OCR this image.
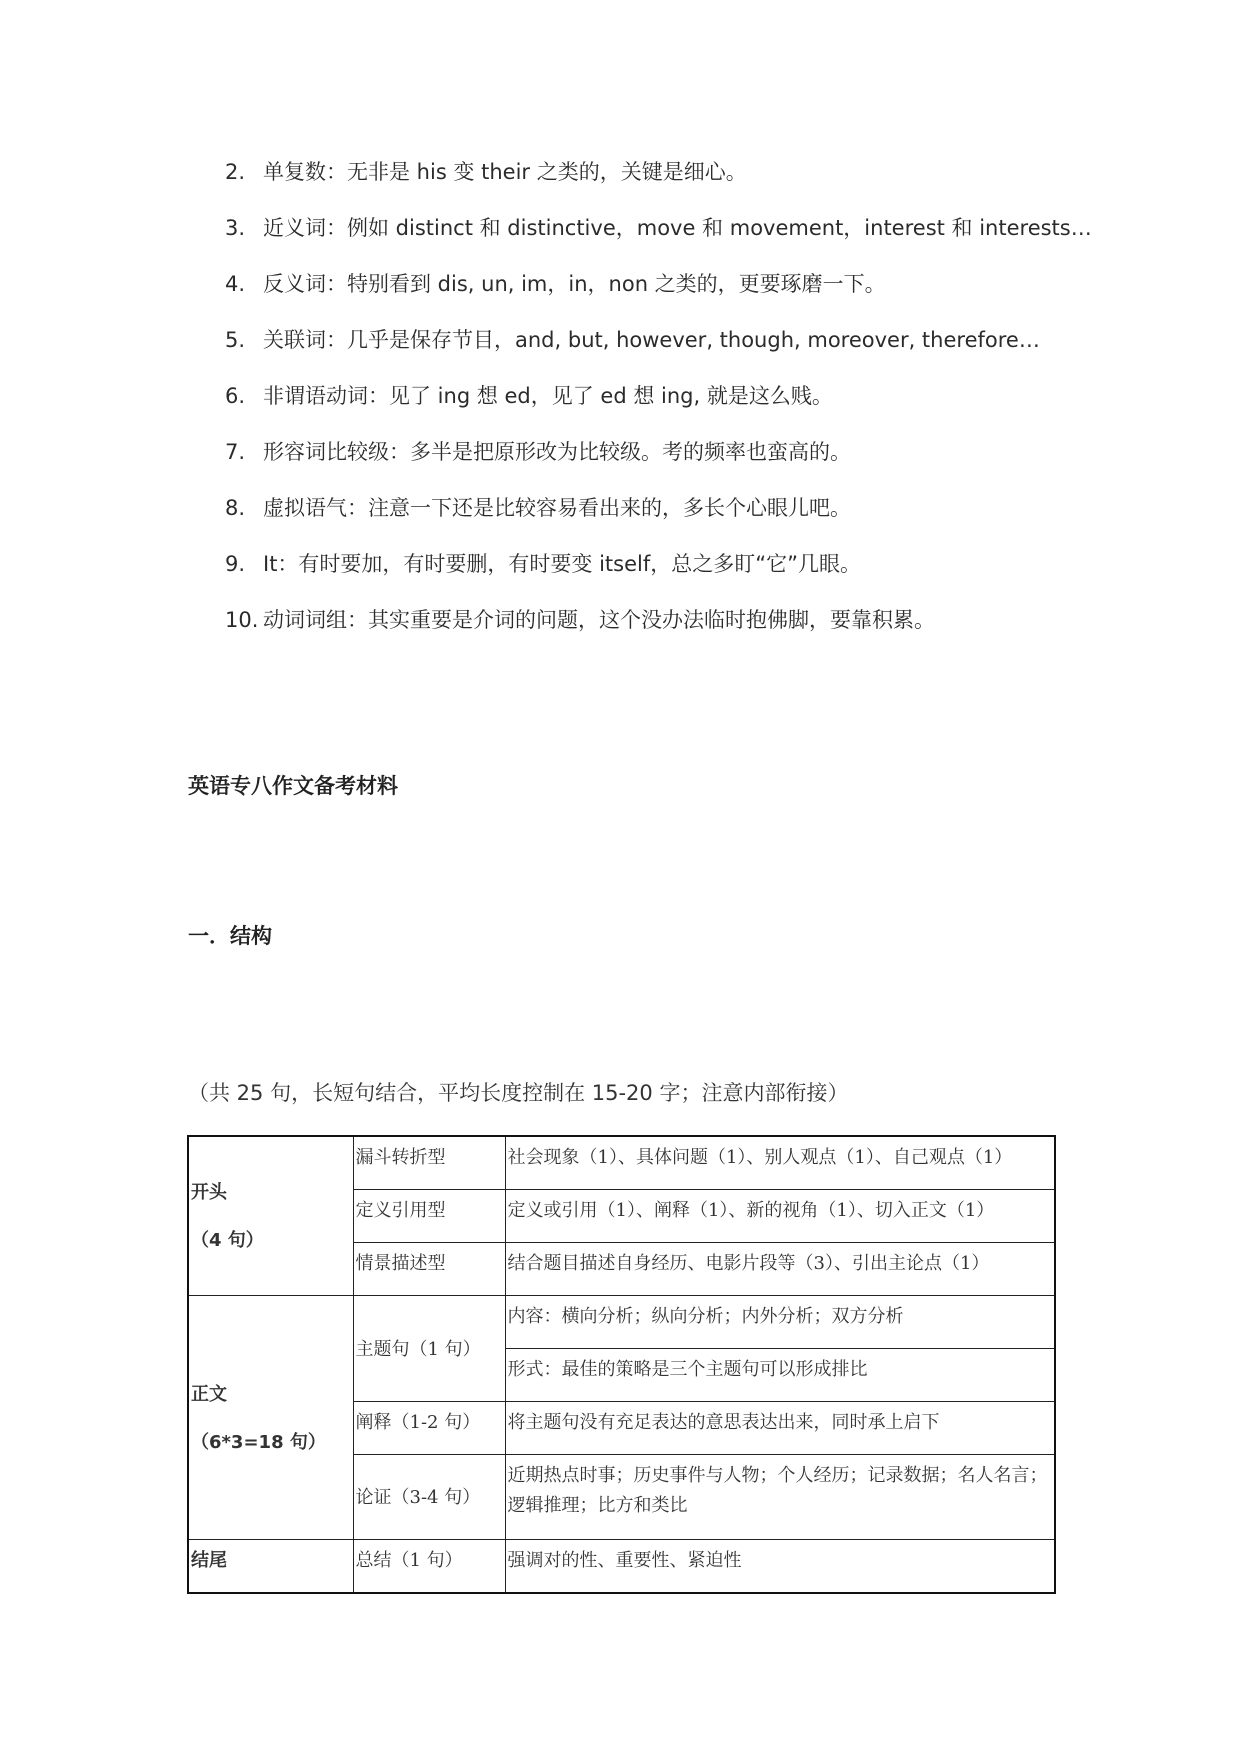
2. 单复数：无非是 his 变 their 之类的，关键是细心。
3. 近义词：例如 distinct 和 distinctive，move 和 movement，interest 和 interests…
4. 反义词：特别看到 dis, un, im，in，non 之类的，更要琢磨一下。
5. 关联词：几乎是保存节目，and, but, however, though, moreover, therefore…
6. 非谓语动词：见了 ing 想 ed，见了 ed 想 ing, 就是这么贱。
7. 形容词比较级：多半是把原形改为比较级。考的频率也蛮高的。
8. 虚拟语气：注意一下还是比较容易看出来的，多长个心眼儿吧。
9. It：有时要加，有时要删，有时要变 itself，总之多盯“它”几眼。
10. 动词词组：其实重要是介词的问题，这个没办法临时抱佛脚，要靠积累。
英语专八作文备考材料
一．结构
（共 25 句，长短句结合，平均长度控制在 15-20 字；注意内部衔接）
开头
（4 句）	漏斗转折型	社会现象（1）、具体问题（1）、别人观点（1）、自己观点（1）
	定义引用型	定义或引用（1）、阐释（1）、新的视角（1）、切入正文（1）
	情景描述型	结合题目描述自身经历、电影片段等（3）、引出主论点（1）

正文
（6*3=18 句）	主题句（1 句）	内容：横向分析；纵向分析；内外分析；双方分析
		形式：最佳的策略是三个主题句可以形成排比
	阐释（1-2 句）	将主题句没有充足表达的意思表达出来，同时承上启下
	论证（3-4 句）	近期热点时事；历史事件与人物；个人经历；记录数据；名人名言；逻辑推理；比方和类比

结尾	总结（1 句）	强调对的性、重要性、紧迫性
